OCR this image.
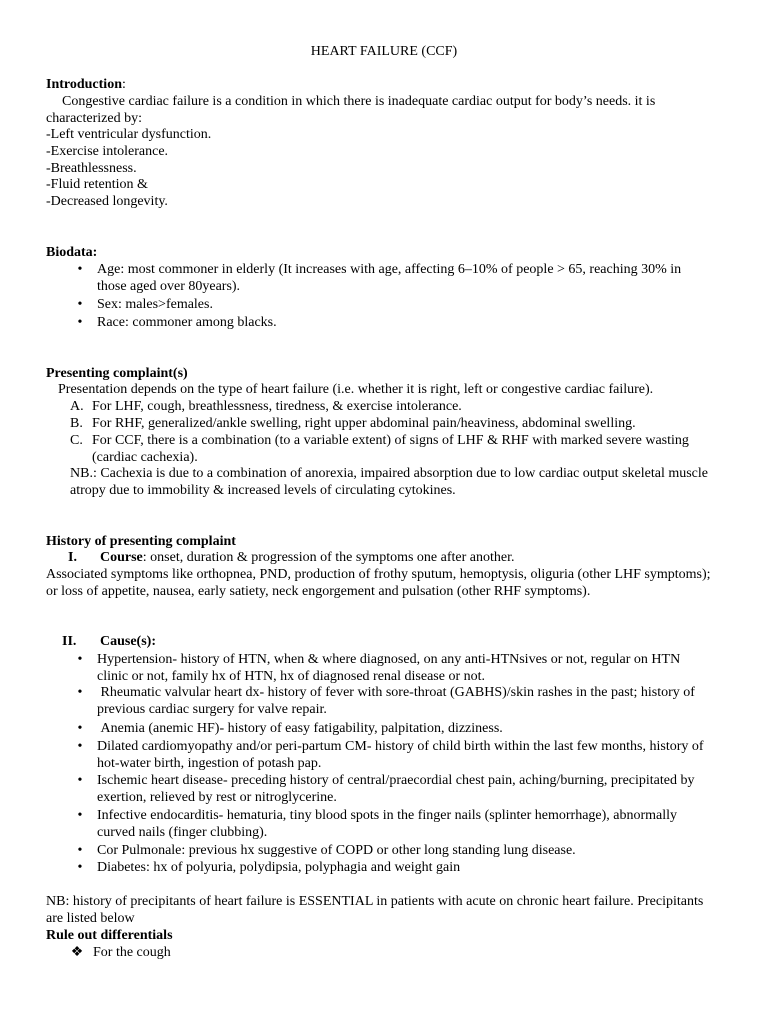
HEART FAILURE (CCF)
Introduction:
Congestive cardiac failure is a condition in which there is inadequate cardiac output for body’s needs. it is characterized by:
-Left ventricular dysfunction.
-Exercise intolerance.
-Breathlessness.
-Fluid retention &
-Decreased longevity.
Biodata:
•	Age: most commoner in elderly (It increases with age, affecting 6–10% of people > 65, reaching 30% in those aged over 80years).
•	Sex: males>females.
•	Race: commoner among blacks.
Presenting complaint(s)
Presentation depends on the type of heart failure (i.e. whether it is right, left or congestive cardiac failure).
A. For LHF, cough, breathlessness, tiredness, & exercise intolerance.
B. For RHF, generalized/ankle swelling, right upper abdominal pain/heaviness, abdominal swelling.
C. For CCF, there is a combination (to a variable extent) of signs of LHF & RHF with marked severe wasting (cardiac cachexia).
NB.: Cachexia is due to a combination of anorexia, impaired absorption due to low cardiac output skeletal muscle atropy due to immobility & increased levels of circulating cytokines.
History of presenting complaint
I. Course: onset, duration & progression of the symptoms one after another.
Associated symptoms like orthopnea, PND, production of frothy sputum, hemoptysis, oliguria (other LHF symptoms); or loss of appetite, nausea, early satiety, neck engorgement and pulsation (other RHF symptoms).
II. Cause(s):
•	Hypertension- history of HTN, when & where diagnosed, on any anti-HTNsives or not, regular on HTN clinic or not, family hx of HTN, hx of diagnosed renal disease or not.
•	Rheumatic valvular heart dx- history of fever with sore-throat (GABHS)/skin rashes in the past; history of previous cardiac surgery for valve repair.
•	Anemia (anemic HF)- history of easy fatigability, palpitation, dizziness.
•	Dilated cardiomyopathy and/or peri-partum CM- history of child birth within the last few months, history of hot-water birth, ingestion of potash pap.
•	Ischemic heart disease- preceding history of central/praecordial chest pain, aching/burning, precipitated by exertion, relieved by rest or nitroglycerine.
•	Infective endocarditis- hematuria, tiny blood spots in the finger nails (splinter hemorrhage), abnormally curved nails (finger clubbing).
•	Cor Pulmonale: previous hx suggestive of COPD or other long standing lung disease.
•	Diabetes: hx of polyuria, polydipsia, polyphagia and weight gain
NB: history of precipitants of heart failure is ESSENTIAL in patients with acute on chronic heart failure. Precipitants are listed below
Rule out differentials
❖ For the cough
